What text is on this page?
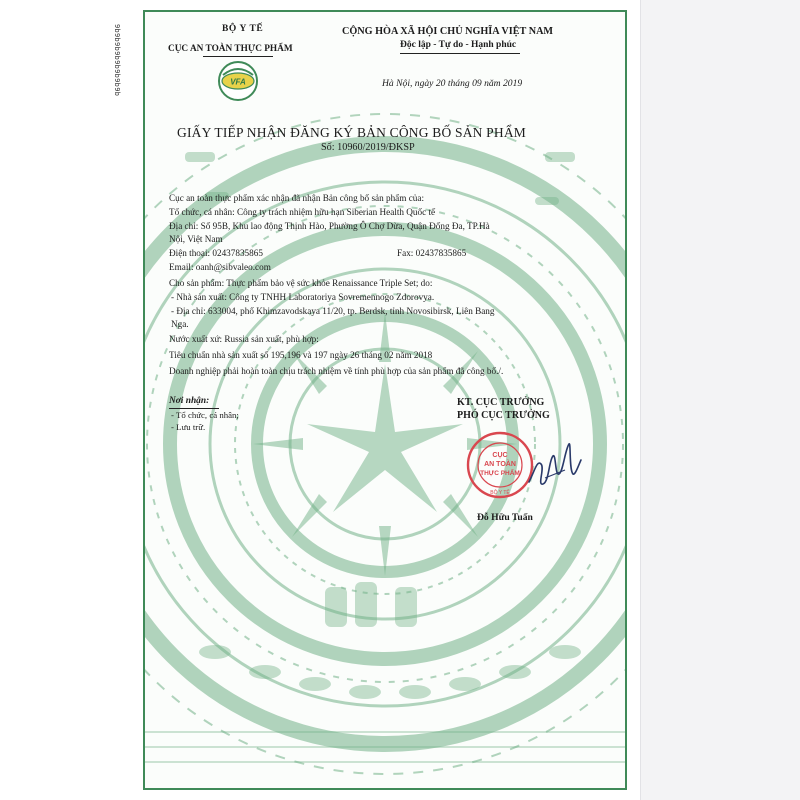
9b9b9b9b9b9b9b9b	BỘ Y TẾ
CỤC AN TOÀN THỰC PHẨM
VFA
CỘNG HÒA XÃ HỘI CHỦ NGHĨA VIỆT NAM
Độc lập - Tự do - Hạnh phúc
Hà Nội, ngày 20 tháng 09 năm 2019
GIẤY TIẾP NHẬN ĐĂNG KÝ BẢN CÔNG BỐ SẢN PHẨM
Số: 10960/2019/ĐKSP
Cục an toàn thực phẩm xác nhận đã nhận Bản công bố sản phẩm của:
Tổ chức, cá nhân: Công ty trách nhiệm hữu hạn Siberian Health Quốc tế
Địa chỉ: Số 95B, Khu lao động Thịnh Hào, Phường Ô Chợ Dừa, Quận Đống Đa, TP.Hà
Nội, Việt Nam
Điện thoại: 02437835865	Fax: 02437835865
Email: oanh@sibvaleo.com
Cho sản phẩm: Thực phẩm bảo vệ sức khỏe Renaissance Triple Set; do:
- Nhà sản xuất: Công ty TNHH Laboratoriya Sovremennogo Zdorovya.
- Địa chỉ: 633004, phố Khimzavodskaya 11/20, tp. Berdsk, tỉnh Novosibirsk, Liên Bang
Nga.
Nước xuất xứ: Russia sản xuất, phù hợp:
Tiêu chuẩn nhà sản xuất số 195,196 và 197 ngày 26 tháng 02 năm 2018
Doanh nghiệp phải hoàn toàn chịu trách nhiệm về tính phù hợp của sản phẩm đã công bố./.
Nơi nhận:
- Tổ chức, cá nhân;
- Lưu trữ.
KT. CỤC TRƯỞNG
PHÓ CỤC TRƯỞNG
CỤC
AN TOÀN
THỰC PHẨM
BỘ Y TẾ
Đỗ Hữu Tuấn
